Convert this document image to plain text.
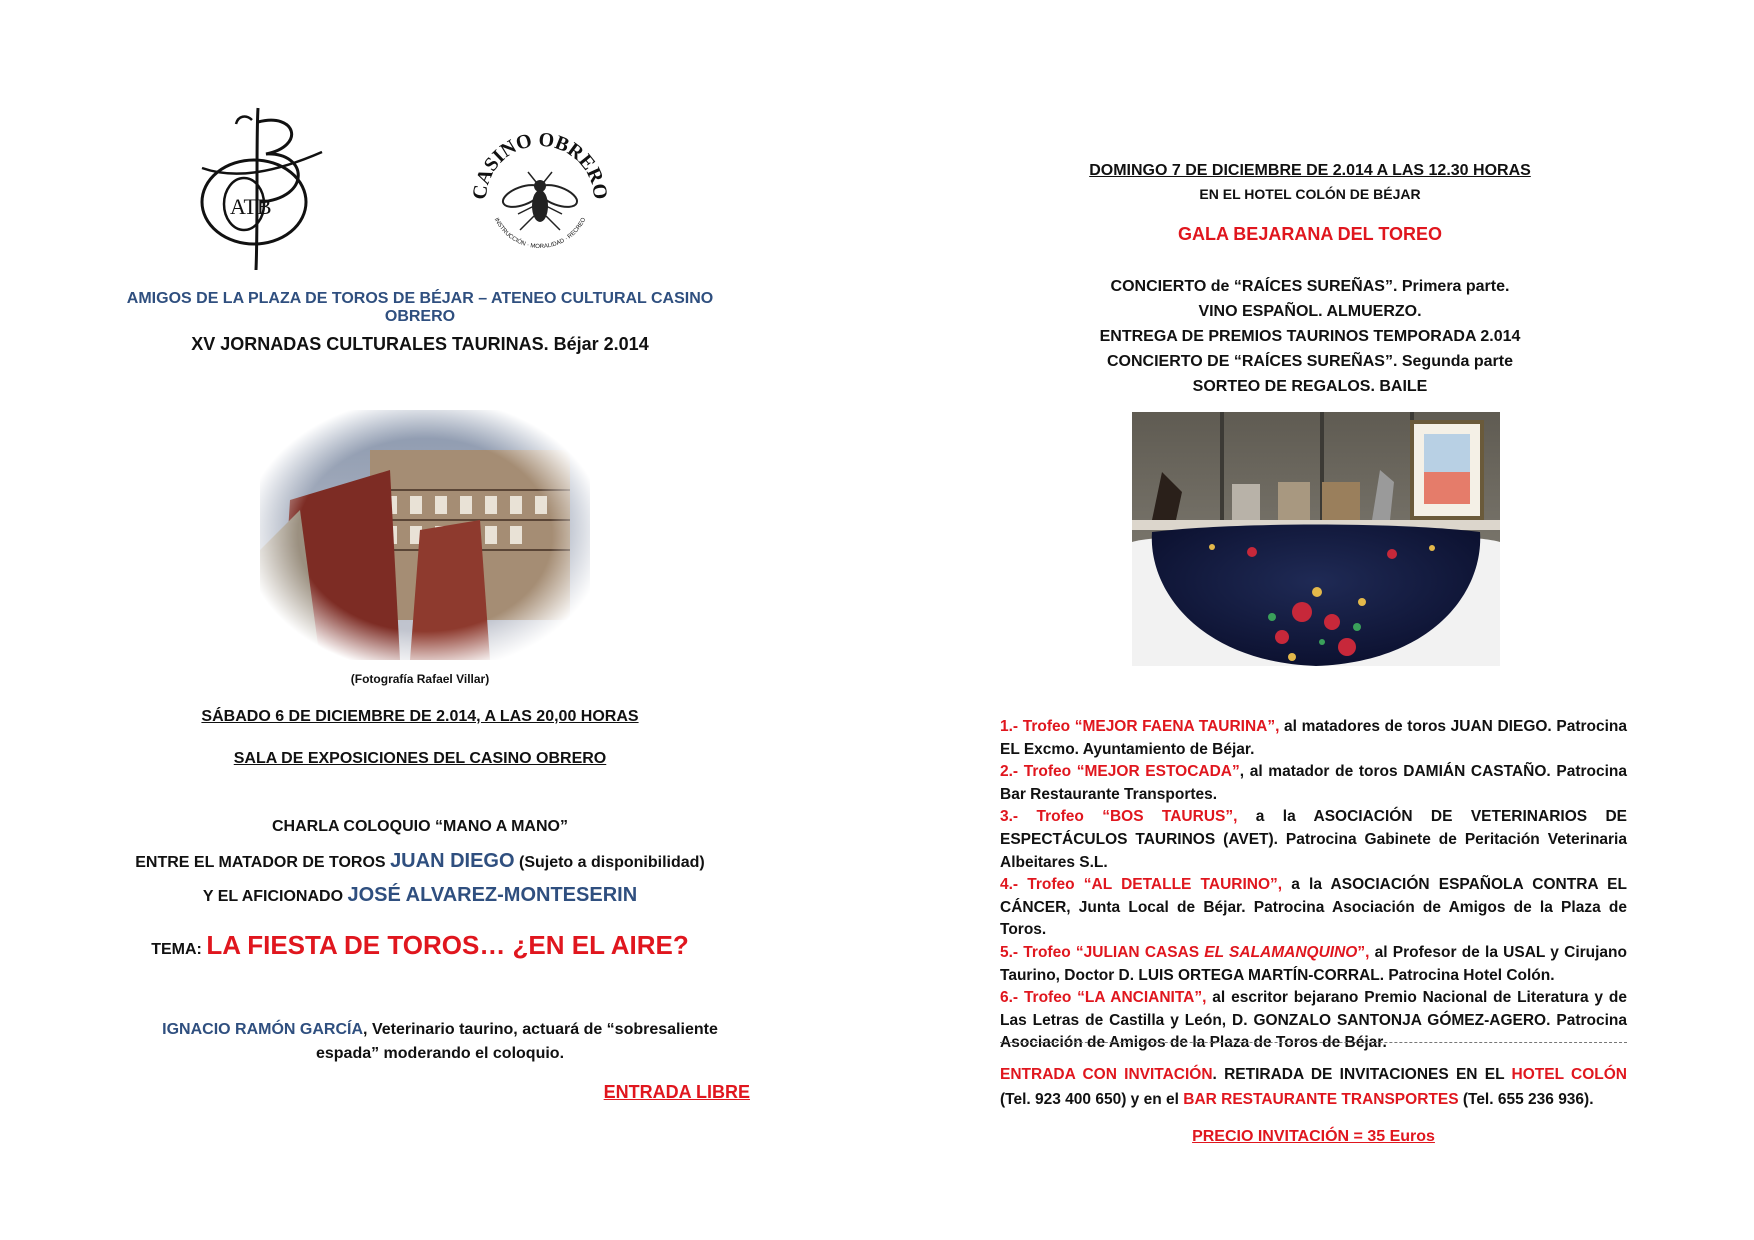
ATB
CASINO OBRERO
INSTRUCCIÓN · MORALIDAD · RECREO
AMIGOS DE LA PLAZA DE TOROS DE BÉJAR – ATENEO CULTURAL CASINO OBRERO
XV JORNADAS CULTURALES TAURINAS. Béjar 2.014
(Fotografía Rafael Villar)
SÁBADO 6 DE DICIEMBRE DE 2.014, A LAS 20,00 HORAS
SALA DE EXPOSICIONES DEL CASINO OBRERO
CHARLA COLOQUIO “MANO A MANO”
ENTRE EL MATADOR DE TOROS JUAN DIEGO (Sujeto a disponibilidad)
Y EL AFICIONADO JOSÉ ALVAREZ-MONTESERIN
TEMA: LA FIESTA DE TOROS… ¿EN EL AIRE?
IGNACIO RAMÓN GARCÍA, Veterinario taurino, actuará de “sobresaliente espada” moderando el coloquio.
ENTRADA LIBRE
DOMINGO 7 DE DICIEMBRE DE 2.014 A LAS 12.30 HORAS
EN EL HOTEL COLÓN DE BÉJAR
GALA BEJARANA DEL TOREO
CONCIERTO de “RAÍCES SUREÑAS”. Primera parte.
VINO ESPAÑOL. ALMUERZO.
ENTREGA DE PREMIOS TAURINOS TEMPORADA 2.014
CONCIERTO DE “RAÍCES SUREÑAS”. Segunda parte
SORTEO DE REGALOS. BAILE
1.- Trofeo “MEJOR FAENA TAURINA”, al matadores de toros JUAN DIEGO. Patrocina EL Excmo. Ayuntamiento de Béjar.
2.- Trofeo “MEJOR ESTOCADA”, al matador de toros DAMIÁN CASTAÑO. Patrocina Bar Restaurante Transportes.
3.- Trofeo “BOS TAURUS”, a la ASOCIACIÓN DE VETERINARIOS DE ESPECTÁCULOS TAURINOS (AVET). Patrocina Gabinete de Peritación Veterinaria Albeitares S.L.
4.- Trofeo “AL DETALLE TAURINO”, a la ASOCIACIÓN ESPAÑOLA CONTRA EL CÁNCER, Junta Local de Béjar. Patrocina Asociación de Amigos de la Plaza de Toros.
5.- Trofeo “JULIAN CASAS EL SALAMANQUINO”, al Profesor de la USAL y Cirujano Taurino, Doctor D. LUIS ORTEGA MARTÍN-CORRAL. Patrocina Hotel Colón.
6.- Trofeo “LA ANCIANITA”, al escritor bejarano Premio Nacional de Literatura y de Las Letras de Castilla y León, D. GONZALO SANTONJA GÓMEZ-AGERO. Patrocina Asociación de Amigos de la Plaza de Toros de Béjar.
ENTRADA CON INVITACIÓN. RETIRADA DE INVITACIONES EN EL HOTEL COLÓN (Tel. 923 400 650) y en el BAR RESTAURANTE TRANSPORTES (Tel. 655 236 936).
PRECIO INVITACIÓN = 35 Euros
